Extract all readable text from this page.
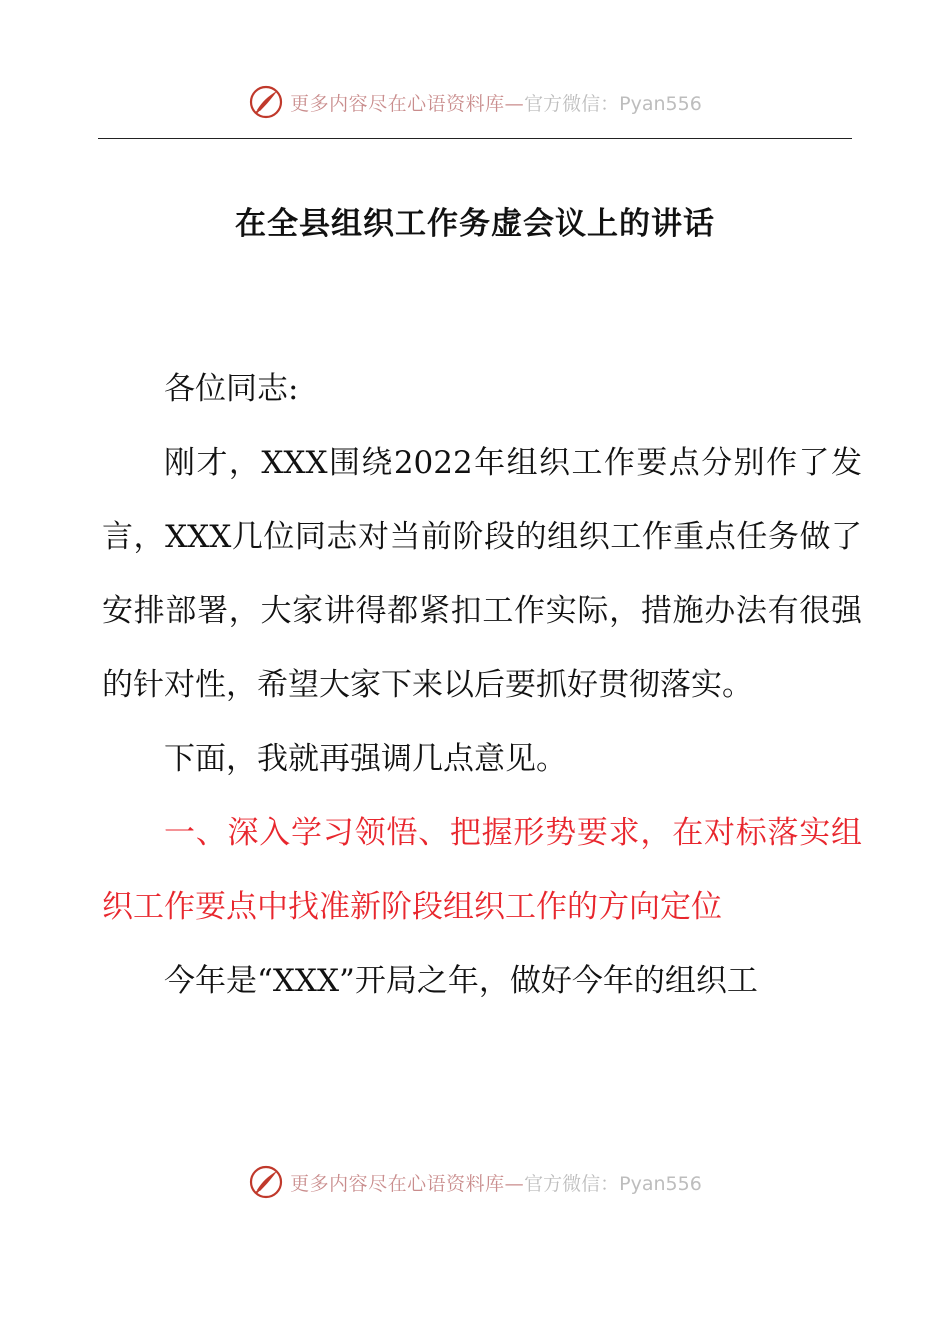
更多内容尽在心语资料库— 官方微信：Pyan556
在全县组织工作务虚会议上的讲话

各位同志:

刚才，XXX围绕2022年组织工作要点分别作了发言，XXX几位同志对当前阶段的组织工作重点任务做了安排部署，大家讲得都紧扣工作实际，措施办法有很强的针对性，希望大家下来以后要抓好贯彻落实。

下面，我就再强调几点意见。

一、深入学习领悟、把握形势要求，在对标落实组织工作要点中找准新阶段组织工作的方向定位

今年是“XXX”开局之年，做好今年的组织工

更多内容尽在心语资料库— 官方微信：Pyan556
